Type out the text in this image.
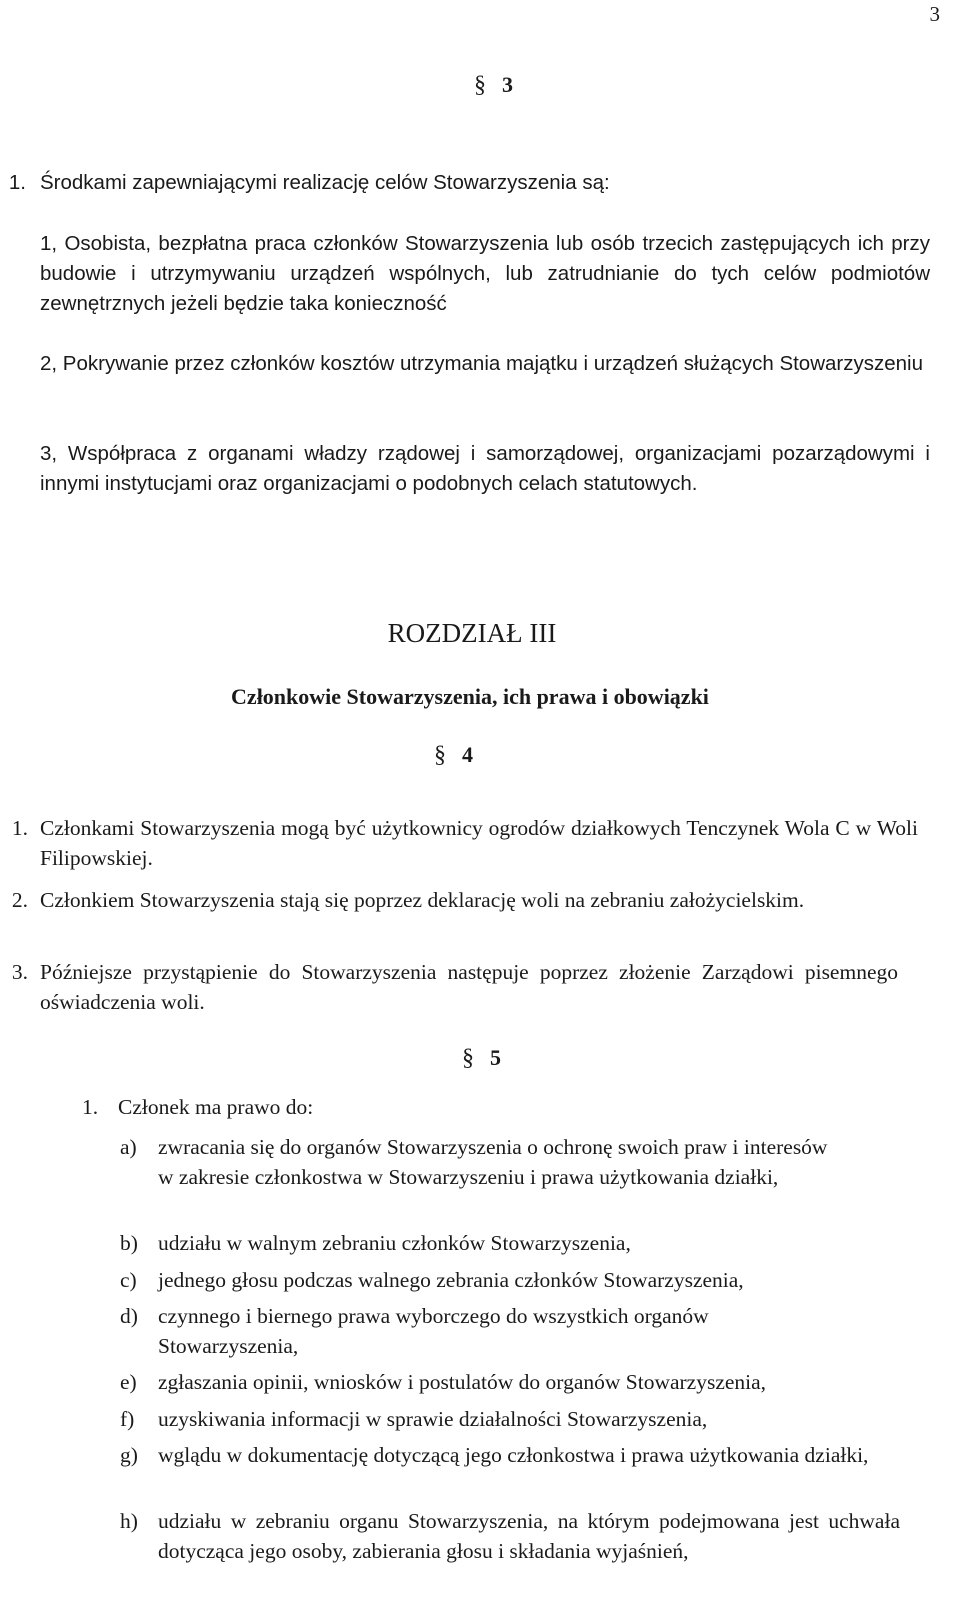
3
§ 3
1. Środkami zapewniającymi realizację celów Stowarzyszenia są:
1, Osobista, bezpłatna praca członków Stowarzyszenia lub osób trzecich zastępujących ich przy budowie i utrzymywaniu urządzeń wspólnych, lub zatrudnianie do tych celów podmiotów zewnętrznych jeżeli będzie taka konieczność
2, Pokrywanie przez członków kosztów utrzymania majątku i urządzeń służących Stowarzyszeniu
3, Współpraca z organami władzy rządowej i samorządowej, organizacjami pozarządowymi i innymi instytucjami oraz organizacjami o podobnych celach statutowych.
ROZDZIAŁ III
Członkowie Stowarzyszenia, ich prawa i obowiązki
§ 4
1. Członkami Stowarzyszenia mogą być użytkownicy ogrodów działkowych Tenczynek Wola C w Woli Filipowskiej.
2. Członkiem Stowarzyszenia stają się poprzez deklarację woli na zebraniu założycielskim.
3. Późniejsze przystąpienie do Stowarzyszenia następuje poprzez złożenie Zarządowi pisemnego oświadczenia woli.
§ 5
1. Członek ma prawo do:
a) zwracania się do organów Stowarzyszenia o ochronę swoich praw i interesów w zakresie członkostwa w Stowarzyszeniu i prawa użytkowania działki,
b) udziału w walnym zebraniu członków Stowarzyszenia,
c) jednego głosu podczas walnego zebrania członków Stowarzyszenia,
d) czynnego i biernego prawa wyborczego do wszystkich organów Stowarzyszenia,
e) zgłaszania opinii, wniosków i postulatów do organów Stowarzyszenia,
f)	uzyskiwania informacji w sprawie działalności Stowarzyszenia,
g) wglądu w dokumentację dotyczącą jego członkostwa i prawa użytkowania działki,
h) udziału w zebraniu organu Stowarzyszenia, na którym podejmowana jest uchwała dotycząca jego osoby, zabierania głosu i składania wyjaśnień,
